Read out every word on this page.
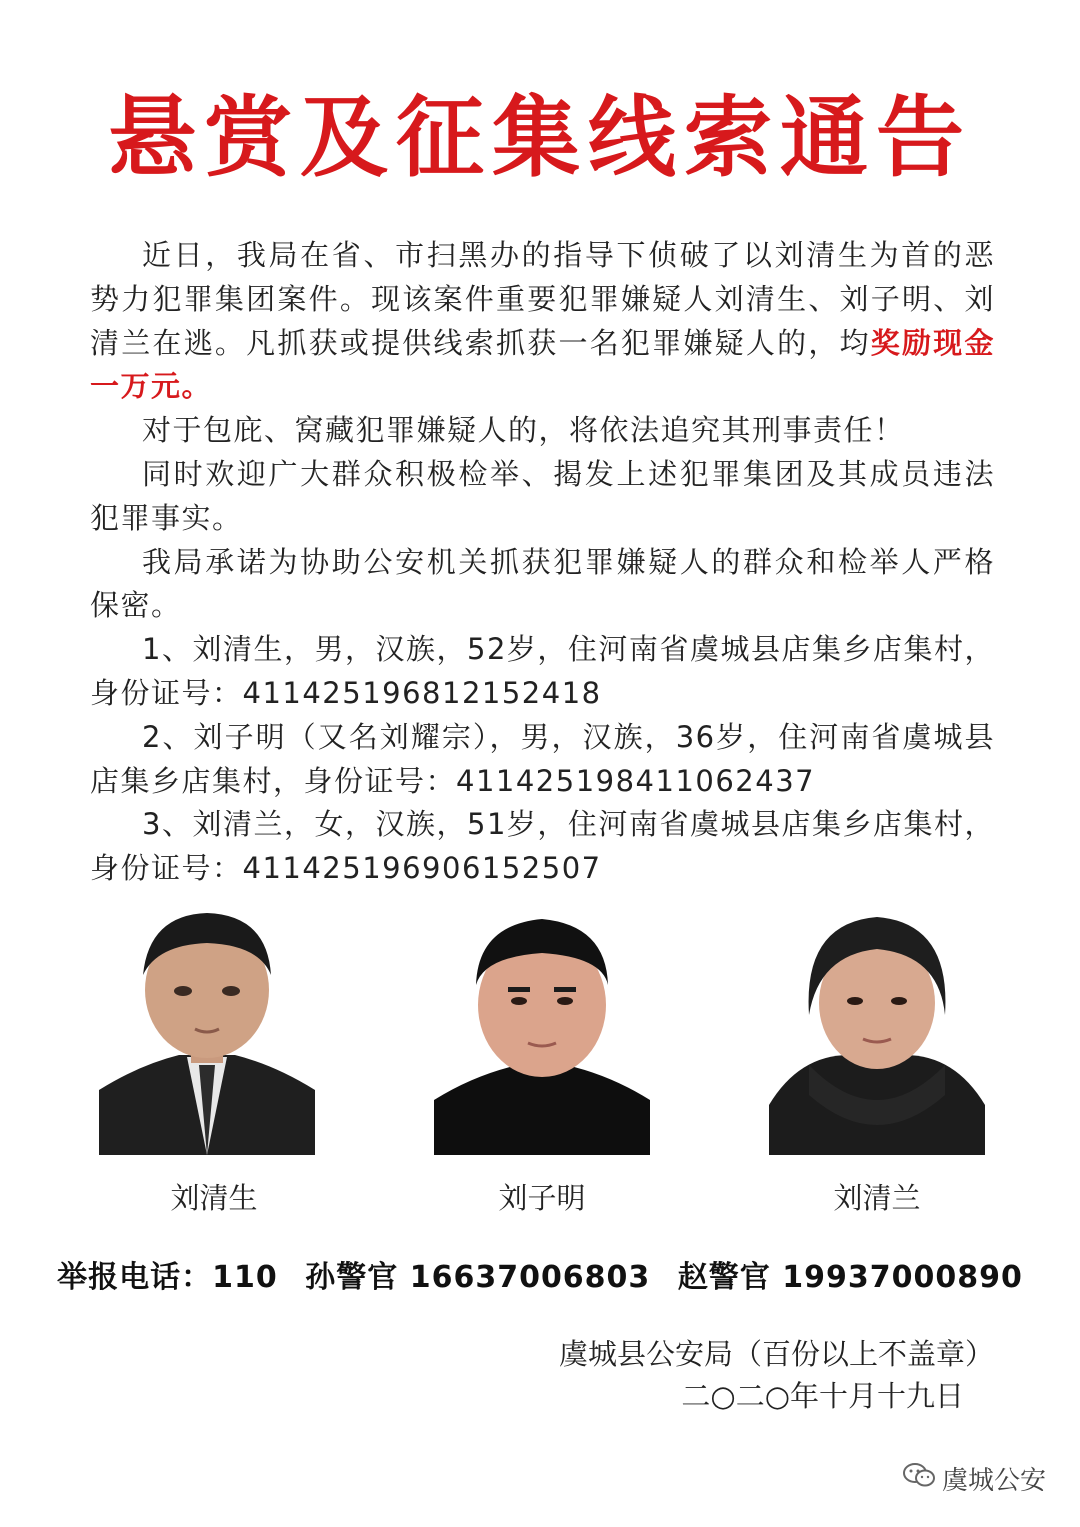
悬赏及征集线索通告

近日，我局在省、市扫黑办的指导下侦破了以刘清生为首的恶势力犯罪集团案件。现该案件重要犯罪嫌疑人刘清生、刘子明、刘清兰在逃。凡抓获或提供线索抓获一名犯罪嫌疑人的，均奖励现金一万元。

对于包庇、窝藏犯罪嫌疑人的，将依法追究其刑事责任！

同时欢迎广大群众积极检举、揭发上述犯罪集团及其成员违法犯罪事实。

我局承诺为协助公安机关抓获犯罪嫌疑人的群众和检举人严格保密。

1、刘清生，男，汉族，52岁，住河南省虞城县店集乡店集村，身份证号：411425196812152418

2、刘子明（又名刘耀宗），男，汉族，36岁，住河南省虞城县店集乡店集村，身份证号：411425198411062437

3、刘清兰，女，汉族，51岁，住河南省虞城县店集乡店集村，身份证号：411425196906152507

刘清生	刘子明	刘清兰
举报电话：110 孙警官 16637006803 赵警官 19937000890
虞城县公安局（百份以上不盖章）
二○二○年十月十九日
虞城公安
